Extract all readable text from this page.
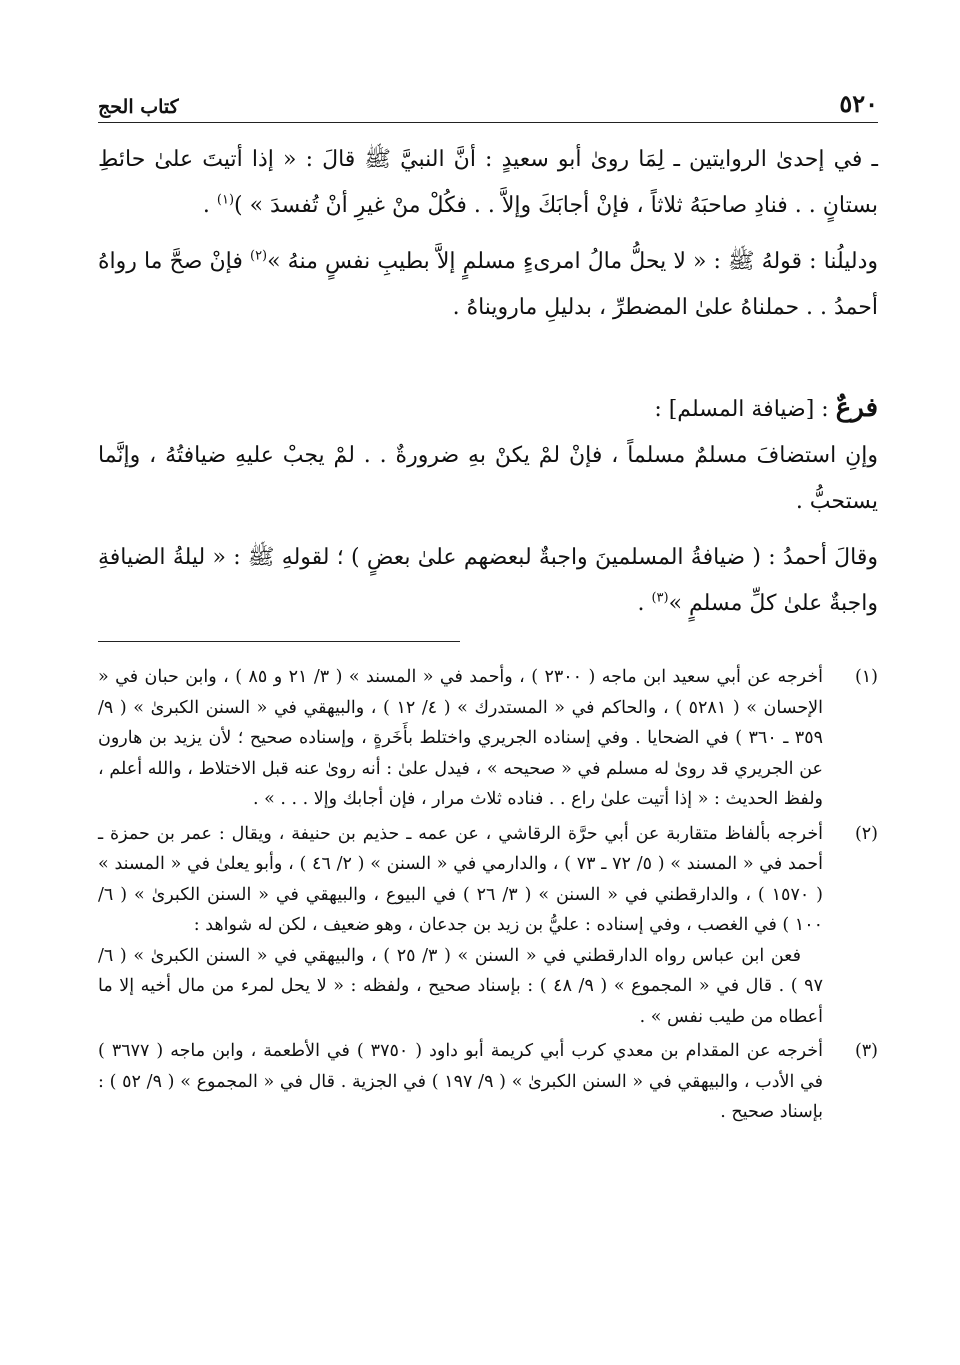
٥٢٠
كتاب الحج

ـ في إحدىٰ الروايتين ـ لِمَا روىٰ أبو سعيدٍ : أنَّ النبيَّ ﷺ قالَ : « إذا أتيتَ علىٰ حائطِ بستانٍ . . فنادِ صاحبَهُ ثلاثاً ، فإنْ أجابَكَ وإلاَّ . . فكُلْ منْ غيرِ أنْ تُفسدَ » )$^{(١)}$ .

ودليلُنا : قولهُ ﷺ : « لا يحلُّ مالُ امرىءٍ مسلمٍ إلاَّ بطيبِ نفسٍ منهُ »$^{(٢)}$ فإنْ صحَّ ما رواهُ أحمدُ . . حملناهُ علىٰ المضطرِّ ، بدليلِ مارويناهُ .

فرعٌ : [ضيافة المسلم] :

وإنِ استضافَ مسلمٌ مسلماً ، فإنْ لمْ يكنْ بهِ ضرورةٌ . . لمْ يجبْ عليهِ ضيافتُهُ ، وإنَّما يستحبُّ .

وقالَ أحمدُ : ( ضيافةُ المسلمينَ واجبةٌ لبعضهم علىٰ بعضٍ ) ؛ لقولهِ ﷺ : « ليلةُ الضيافةِ واجبةٌ علىٰ كلِّ مسلمٍ »$^{(٣)}$ .

(١)

أخرجه عن أبي سعيد ابن ماجه ( ٢٣٠٠ ) ، وأحمد في « المسند » ( ٣/ ٢١ و ٨٥ ) ، وابن حبان في « الإحسان » ( ٥٢٨١ ) ، والحاكم في « المستدرك » ( ٤/ ١٢ ) ، والبيهقي في « السنن الكبرىٰ » ( ٩/ ٣٥٩ ـ ٣٦٠ ) في الضحايا . وفي إسناده الجريري واختلط بأَخَرةٍ ، وإسناده صحيح ؛ لأن يزيد بن هارون عن الجريري قد روىٰ له مسلم في « صحيحه » ، فيدل علىٰ : أنه روىٰ عنه قبل الاختلاط ، والله أعلم ، ولفظ الحديث : « إذا أتيت علىٰ راع . . فناده ثلاث مرار ، فإن أجابك وإلا . . . » .

(٢)

أخرجه بألفاظ متقاربة عن أبي حرَّة الرقاشي ، عن عمه ـ حذيم بن حنيفة ، ويقال : عمر بن حمزة ـ أحمد في « المسند » ( ٥/ ٧٢ ـ ٧٣ ) ، والدارمي في « السنن » ( ٢/ ٤٦ ) ، وأبو يعلىٰ في « المسند » ( ١٥٧٠ ) ، والدارقطني في « السنن » ( ٣/ ٢٦ ) في البيوع ، والبيهقي في « السنن الكبرىٰ » ( ٦/ ١٠٠ ) في الغصب ، وفي إسناده : عليُّ بن زيد بن جدعان ، وهو ضعيف ، لكن له شواهد :

فعن ابن عباس رواه الدارقطني في « السنن » ( ٣/ ٢٥ ) ، والبيهقي في « السنن الكبرىٰ » ( ٦/ ٩٧ ) . قال في « المجموع » ( ٩/ ٤٨ ) : بإسناد صحيح ، ولفظه : « لا يحل لمرء من مال أخيه إلا ما أعطاه من طيب نفس » .

(٣)

أخرجه عن المقدام بن معدي كرب أبي كريمة أبو داود ( ٣٧٥٠ ) في الأطعمة ، وابن ماجه ( ٣٦٧٧ ) في الأدب ، والبيهقي في « السنن الكبرىٰ » ( ٩/ ١٩٧ ) في الجزية . قال في « المجموع » ( ٩/ ٥٢ ) : بإسناد صحيح .
